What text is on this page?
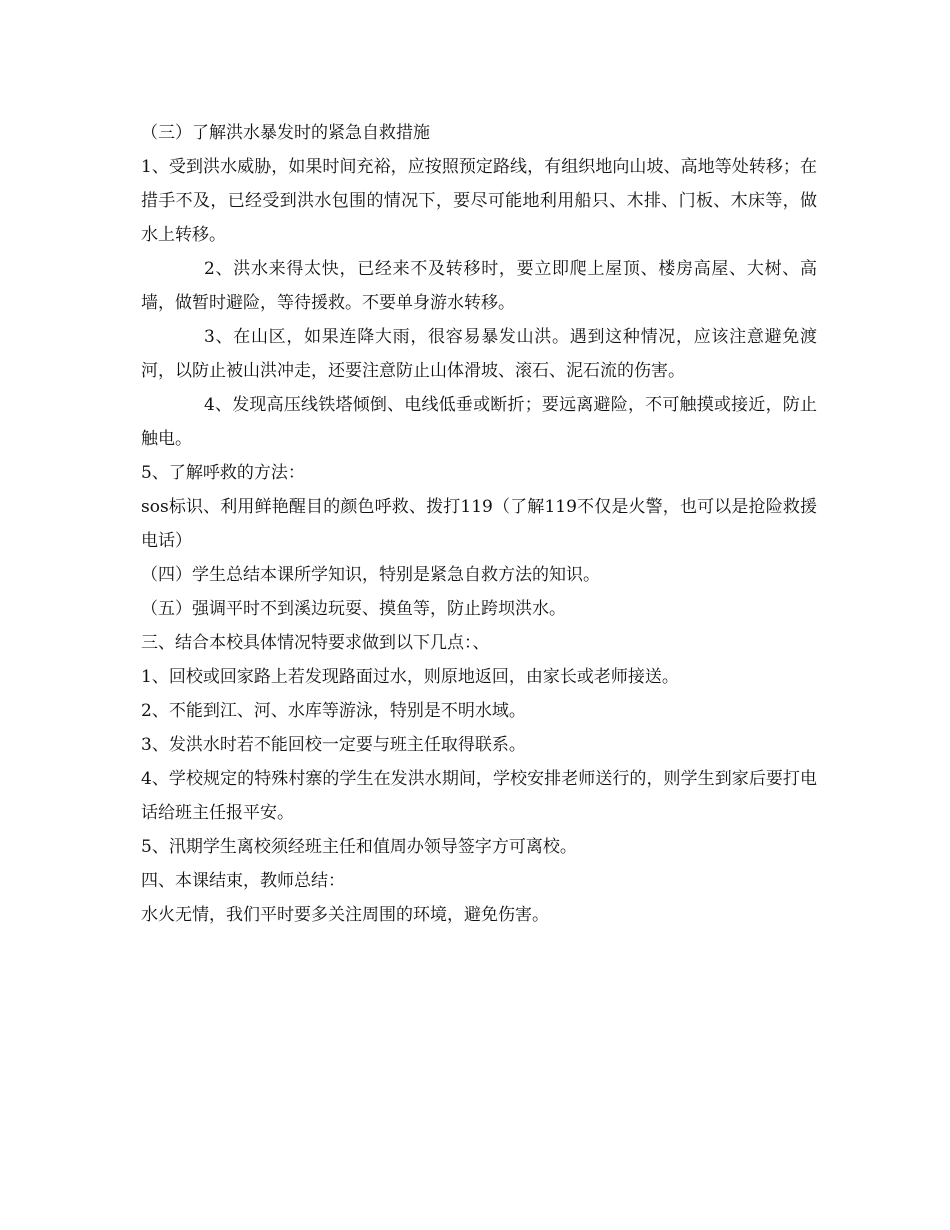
（三）了解洪水暴发时的紧急自救措施

1、受到洪水威胁，如果时间充裕，应按照预定路线，有组织地向山坡、高地等处转移；在措手不及，已经受到洪水包围的情况下，要尽可能地利用船只、木排、门板、木床等，做水上转移。

2、洪水来得太快，已经来不及转移时，要立即爬上屋顶、楼房高屋、大树、高墙，做暂时避险，等待援救。不要单身游水转移。

3、在山区，如果连降大雨，很容易暴发山洪。遇到这种情况，应该注意避免渡河，以防止被山洪冲走，还要注意防止山体滑坡、滚石、泥石流的伤害。

4、发现高压线铁塔倾倒、电线低垂或断折；要远离避险，不可触摸或接近，防止触电。

5、了解呼救的方法：

sos标识、利用鲜艳醒目的颜色呼救、拨打119（了解119不仅是火警，也可以是抢险救援电话）

（四）学生总结本课所学知识，特别是紧急自救方法的知识。

（五）强调平时不到溪边玩耍、摸鱼等，防止跨坝洪水。

三、结合本校具体情况特要求做到以下几点：、

1、回校或回家路上若发现路面过水，则原地返回，由家长或老师接送。

2、不能到江、河、水库等游泳，特别是不明水域。

3、发洪水时若不能回校一定要与班主任取得联系。

4、学校规定的特殊村寨的学生在发洪水期间，学校安排老师送行的，则学生到家后要打电话给班主任报平安。

5、汛期学生离校须经班主任和值周办领导签字方可离校。

四、本课结束，教师总结：

水火无情，我们平时要多关注周围的环境，避免伤害。
